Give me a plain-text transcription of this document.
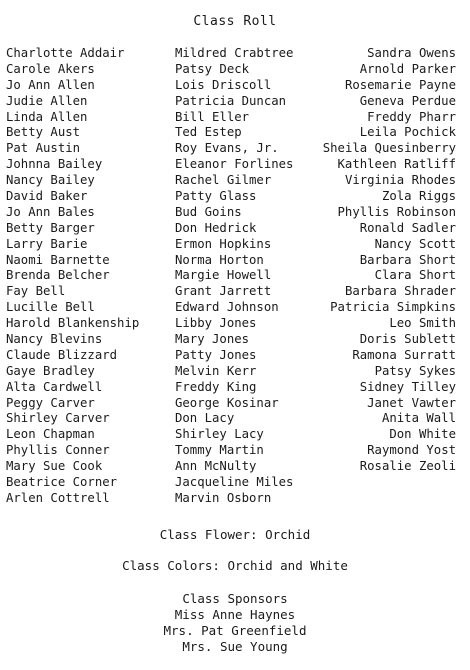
Class Roll
Charlotte Addair
Carole Akers
Jo Ann Allen
Judie Allen
Linda Allen
Betty Aust
Pat Austin
Johnna Bailey
Nancy Bailey
David Baker
Jo Ann Bales
Betty Barger
Larry Barie
Naomi Barnette
Brenda Belcher
Fay Bell
Lucille Bell
Harold Blankenship
Nancy Blevins
Claude Blizzard
Gaye Bradley
Alta Cardwell
Peggy Carver
Shirley Carver
Leon Chapman
Phyllis Conner
Mary Sue Cook
Beatrice Corner
Arlen Cottrell
Mildred Crabtree
Patsy Deck
Lois Driscoll
Patricia Duncan
Bill Eller
Ted Estep
Roy Evans, Jr.
Eleanor Forlines
Rachel Gilmer
Patty Glass
Bud Goins
Don Hedrick
Ermon Hopkins
Norma Horton
Margie Howell
Grant Jarrett
Edward Johnson
Libby Jones
Mary Jones
Patty Jones
Melvin Kerr
Freddy King
George Kosinar
Don Lacy
Shirley Lacy
Tommy Martin
Ann McNulty
Jacqueline Miles
Marvin Osborn
Sandra Owens
Arnold Parker
Rosemarie Payne
Geneva Perdue
Freddy Pharr
Leila Pochick
Sheila Quesinberry
Kathleen Ratliff
Virginia Rhodes
Zola Riggs
Phyllis Robinson
Ronald Sadler
Nancy Scott
Barbara Short
Clara Short
Barbara Shrader
Patricia Simpkins
Leo Smith
Doris Sublett
Ramona Surratt
Patsy Sykes
Sidney Tilley
Janet Vawter
Anita Wall
Don White
Raymond Yost
Rosalie Zeoli
Class Flower: Orchid
Class Colors: Orchid and White
Class Sponsors
Miss Anne Haynes
Mrs. Pat Greenfield
Mrs. Sue Young
